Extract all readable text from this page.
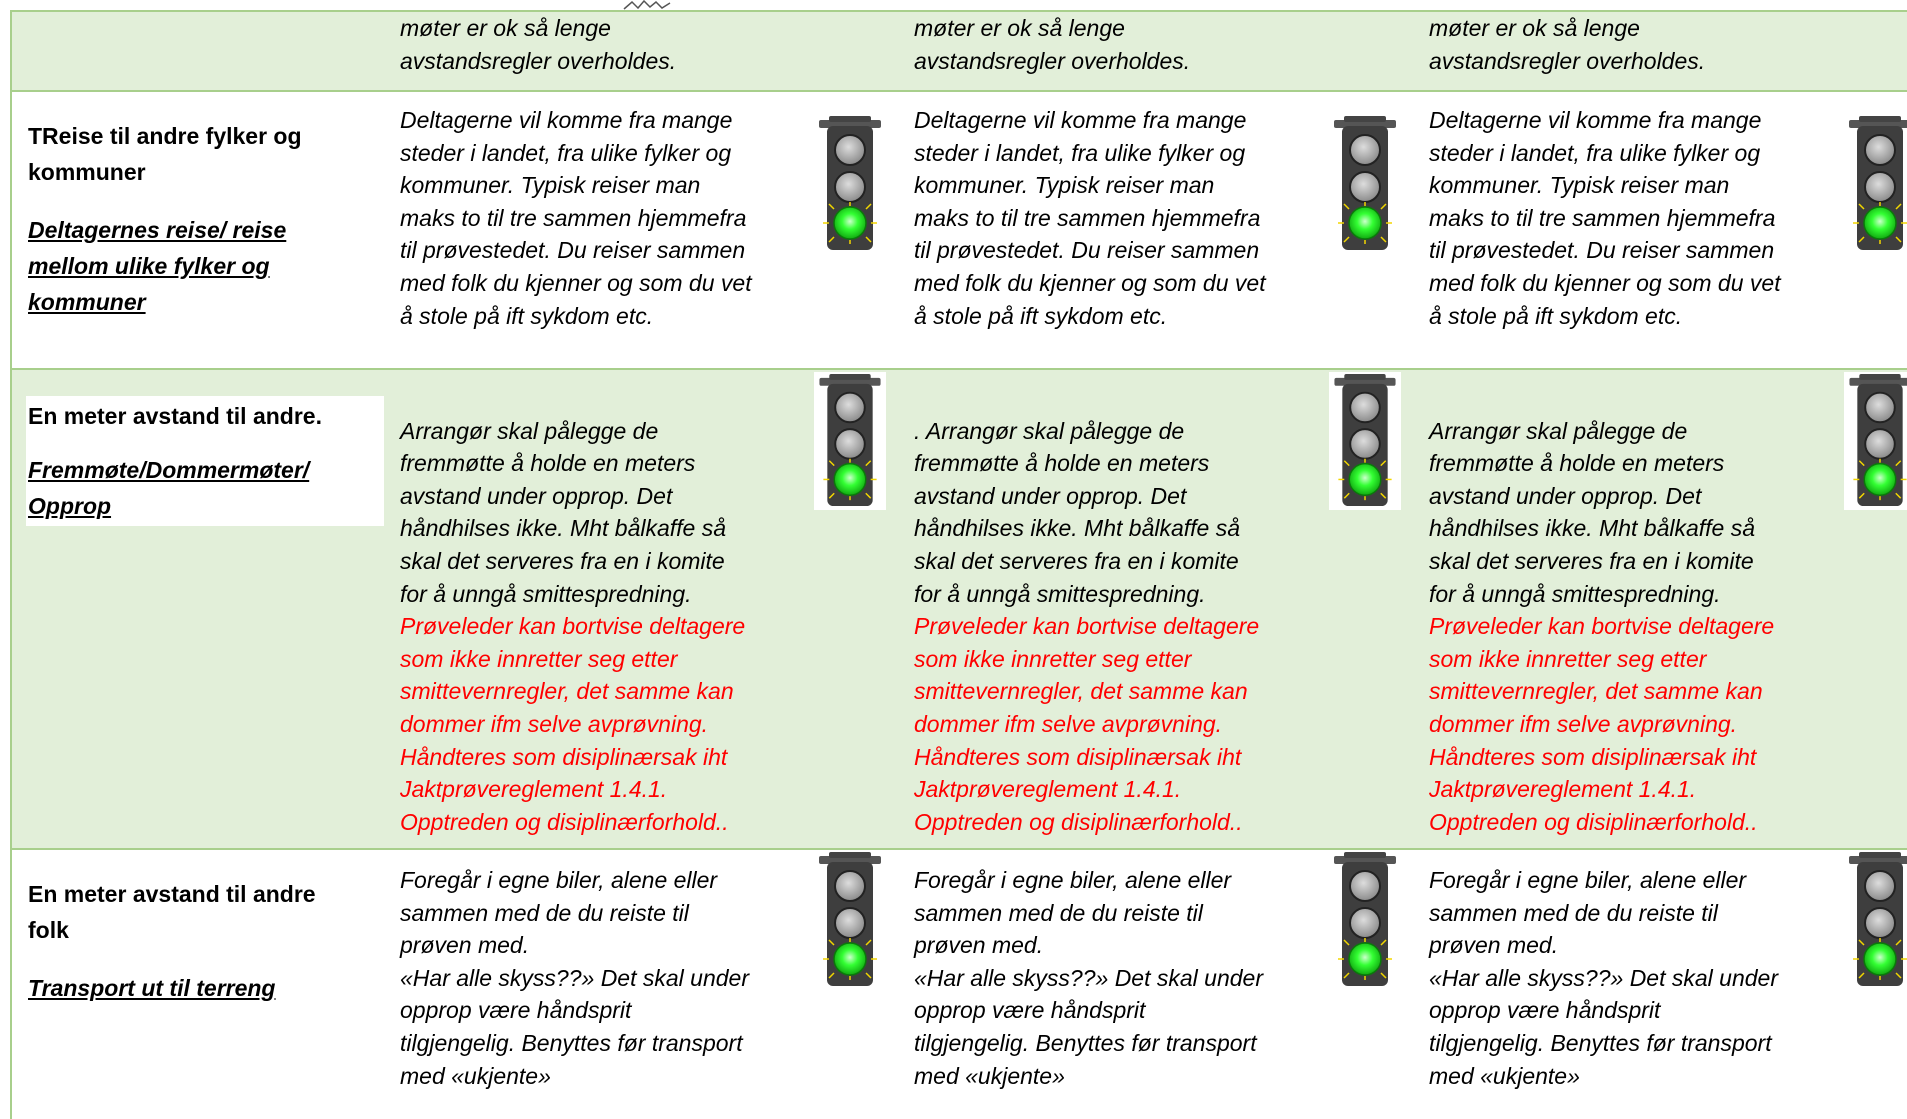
møter er ok så lenge
avstandsregler overholdes.
møter er ok så lenge
avstandsregler overholdes.
møter er ok så lenge
avstandsregler overholdes.
TReise til andre fylker og
kommuner
Deltagernes reise/ reise
mellom ulike fylker og
kommuner
Deltagerne vil komme fra mange
steder i landet, fra ulike fylker og
kommuner. Typisk reiser man
maks to til tre sammen hjemmefra
til prøvestedet. Du reiser sammen
med folk du kjenner og som du vet
å stole på ift sykdom etc.
Deltagerne vil komme fra mange
steder i landet, fra ulike fylker og
kommuner. Typisk reiser man
maks to til tre sammen hjemmefra
til prøvestedet. Du reiser sammen
med folk du kjenner og som du vet
å stole på ift sykdom etc.
Deltagerne vil komme fra mange
steder i landet, fra ulike fylker og
kommuner. Typisk reiser man
maks to til tre sammen hjemmefra
til prøvestedet. Du reiser sammen
med folk du kjenner og som du vet
å stole på ift sykdom etc.
En meter avstand til andre.
Fremmøte/Dommermøter/
Opprop

Arrangør skal pålegge de
fremmøtte å holde en meters
avstand under opprop. Det
håndhilses ikke. Mht bålkaffe så
skal det serveres fra en i komite
for å unngå smittespredning.

Prøveleder kan bortvise deltagere
som ikke innretter seg etter
smittevernregler, det samme kan
dommer ifm selve avprøvning.
Håndteres som disiplinærsak iht
Jaktprøvereglement 1.4.1.
Opptreden og disiplinærforhold..

. Arrangør skal pålegge de
fremmøtte å holde en meters
avstand under opprop. Det
håndhilses ikke. Mht bålkaffe så
skal det serveres fra en i komite
for å unngå smittespredning.

Prøveleder kan bortvise deltagere
som ikke innretter seg etter
smittevernregler, det samme kan
dommer ifm selve avprøvning.
Håndteres som disiplinærsak iht
Jaktprøvereglement 1.4.1.
Opptreden og disiplinærforhold..

Arrangør skal pålegge de
fremmøtte å holde en meters
avstand under opprop. Det
håndhilses ikke. Mht bålkaffe så
skal det serveres fra en i komite
for å unngå smittespredning.

Prøveleder kan bortvise deltagere
som ikke innretter seg etter
smittevernregler, det samme kan
dommer ifm selve avprøvning.
Håndteres som disiplinærsak iht
Jaktprøvereglement 1.4.1.
Opptreden og disiplinærforhold..

En meter avstand til andre
folk
Transport ut til terreng
Foregår i egne biler, alene eller
sammen med de du reiste til
prøven med.
«Har alle skyss??» Det skal under
opprop være håndsprit
tilgjengelig. Benyttes før transport
med «ukjente»
Foregår i egne biler, alene eller
sammen med de du reiste til
prøven med.
«Har alle skyss??» Det skal under
opprop være håndsprit
tilgjengelig. Benyttes før transport
med «ukjente»
Foregår i egne biler, alene eller
sammen med de du reiste til
prøven med.
«Har alle skyss??» Det skal under
opprop være håndsprit
tilgjengelig. Benyttes før transport
med «ukjente»
